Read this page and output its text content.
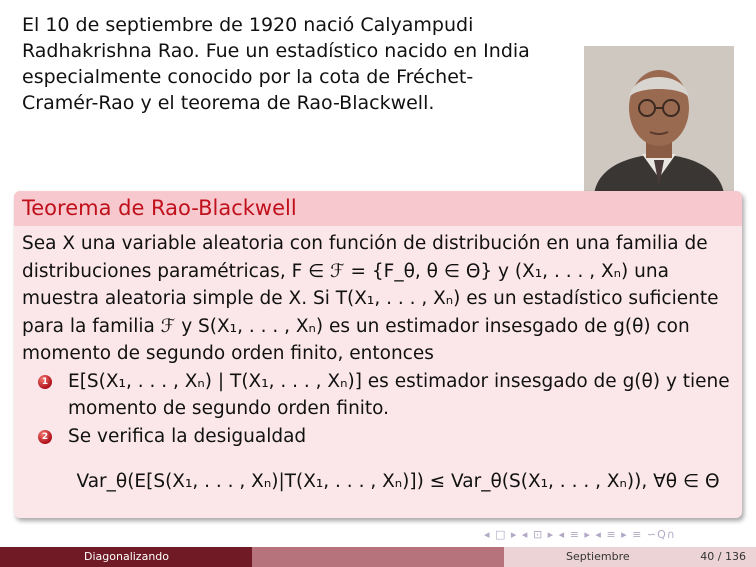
El 10 de septiembre de 1920 nació Calyampudi Radhakrishna Rao. Fue un estadístico nacido en India especialmente conocido por la cota de Fréchet-Cramér-Rao y el teorema de Rao-Blackwell.
Teorema de Rao-Blackwell
Sea X una variable aleatoria con función de distribución en una familia de distribuciones paramétricas, F ∈ ℱ = {F_θ, θ ∈ Θ} y (X₁, . . . , Xₙ) una muestra aleatoria simple de X. Si T(X₁, . . . , Xₙ) es un estadístico suficiente para la familia ℱ y S(X₁, . . . , Xₙ) es un estimador insesgado de g(θ) con momento de segundo orden finito, entonces
1 E[S(X₁, . . . , Xₙ) | T(X₁, . . . , Xₙ)] es estimador insesgado de g(θ) y tiene momento de segundo orden finito.
2 Se verifica la desigualdad
Var_θ(E[S(X₁, . . . , Xₙ)|T(X₁, . . . , Xₙ)]) ≤ Var_θ(S(X₁, . . . , Xₙ)), ∀θ ∈ Θ
◂ □ ▸ ◂ ⊡ ▸ ◂ ≡ ▸ ◂ ≡ ▸ ≡ ∽Q∩
Diagonalizando	Septiembre	40 / 136
